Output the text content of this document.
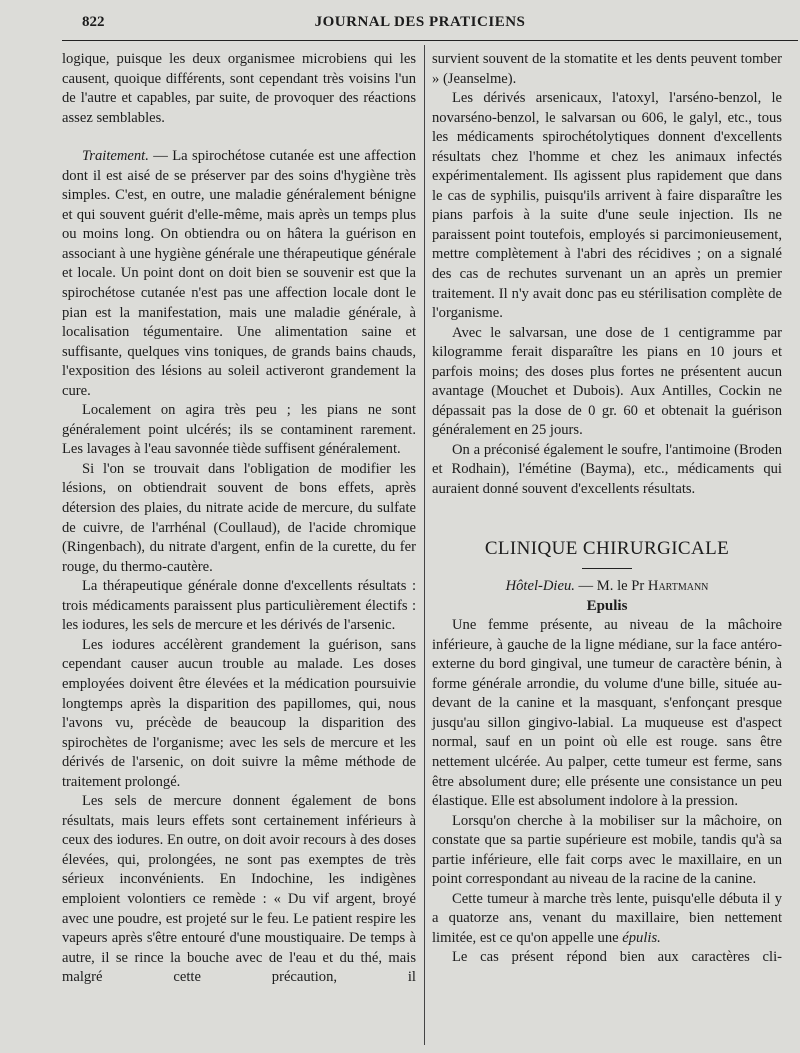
822	JOURNAL DES PRATICIENS

logique, puisque les deux organismee microbiens qui les causent, quoique différents, sont cependant très voisins l'un de l'autre et capables, par suite, de provoquer des réactions assez semblables.

Traitement. — La spirochétose cutanée est une affection dont il est aisé de se préserver par des soins d'hygiène très simples. C'est, en outre, une maladie généralement bénigne et qui souvent guérit d'elle-même, mais après un temps plus ou moins long. On obtiendra ou on hâtera la guérison en associant à une hygiène générale une thérapeutique générale et locale. Un point dont on doit bien se souvenir est que la spirochétose cutanée n'est pas une affection locale dont le pian est la manifestation, mais une maladie générale, à localisation tégumentaire. Une alimentation saine et suffisante, quelques vins toniques, de grands bains chauds, l'exposition des lésions au soleil activeront grandement la cure.

Localement on agira très peu ; les pians ne sont généralement point ulcérés; ils se contaminent rarement. Les lavages à l'eau savonnée tiède suffisent généralement.

Si l'on se trouvait dans l'obligation de modifier les lésions, on obtiendrait souvent de bons effets, après détersion des plaies, du nitrate acide de mercure, du sulfate de cuivre, de l'arrhénal (Coullaud), de l'acide chromique (Ringenbach), du nitrate d'argent, enfin de la curette, du fer rouge, du thermo-cautère.

La thérapeutique générale donne d'excellents résultats : trois médicaments paraissent plus particulièrement électifs : les iodures, les sels de mercure et les dérivés de l'arsenic.

Les iodures accélèrent grandement la guérison, sans cependant causer aucun trouble au malade. Les doses employées doivent être élevées et la médication poursuivie longtemps après la disparition des papillomes, qui, nous l'avons vu, précède de beaucoup la disparition des spirochètes de l'organisme; avec les sels de mercure et les dérivés de l'arsenic, on doit suivre la même méthode de traitement prolongé.

Les sels de mercure donnent également de bons résultats, mais leurs effets sont certainement inférieurs à ceux des iodures. En outre, on doit avoir recours à des doses élevées, qui, prolongées, ne sont pas exemptes de très sérieux inconvénients. En Indochine, les indigènes emploient volontiers ce remède : « Du vif argent, broyé avec une poudre, est projeté sur le feu. Le patient respire les vapeurs après s'être entouré d'une moustiquaire. De temps à autre, il se rince la bouche avec de l'eau et du thé, mais malgré cette précaution, il

survient souvent de la stomatite et les dents peuvent tomber » (Jeanselme).

Les dérivés arsenicaux, l'atoxyl, l'arséno-benzol, le novarséno-benzol, le salvarsan ou 606, le galyl, etc., tous les médicaments spirochétolytiques donnent d'excellents résultats chez l'homme et chez les animaux infectés expérimentalement. Ils agissent plus rapidement que dans le cas de syphilis, puisqu'ils arrivent à faire disparaître les pians parfois à la suite d'une seule injection. Ils ne paraissent point toutefois, employés si parcimonieusement, mettre complètement à l'abri des récidives ; on a signalé des cas de rechutes survenant un an après un premier traitement. Il n'y avait donc pas eu stérilisation complète de l'organisme.

Avec le salvarsan, une dose de 1 centigramme par kilogramme ferait disparaître les pians en 10 jours et parfois moins; des doses plus fortes ne présentent aucun avantage (Mouchet et Dubois). Aux Antilles, Cockin ne dépassait pas la dose de 0 gr. 60 et obtenait la guérison généralement en 25 jours.

On a préconisé également le soufre, l'antimoine (Broden et Rodhain), l'émétine (Bayma), etc., médicaments qui auraient donné souvent d'excellents résultats.

CLINIQUE CHIRURGICALE

Hôtel-Dieu. — M. le Pr Hartmann

Epulis

Une femme présente, au niveau de la mâchoire inférieure, à gauche de la ligne médiane, sur la face antéro-externe du bord gingival, une tumeur de caractère bénin, à forme générale arrondie, du volume d'une bille, située au-devant de la canine et la masquant, s'enfonçant presque jusqu'au sillon gingivo-labial. La muqueuse est d'aspect normal, sauf en un point où elle est rouge. sans être nettement ulcérée. Au palper, cette tumeur est ferme, sans être absolument dure; elle présente une consistance un peu élastique. Elle est absolument indolore à la pression.

Lorsqu'on cherche à la mobiliser sur la mâchoire, on constate que sa partie supérieure est mobile, tandis qu'à sa partie inférieure, elle fait corps avec le maxillaire, en un point correspondant au niveau de la racine de la canine.

Cette tumeur à marche très lente, puisqu'elle débuta il y a quatorze ans, venant du maxillaire, bien nettement limitée, est ce qu'on appelle une épulis.

Le cas présent répond bien aux caractères cli-
